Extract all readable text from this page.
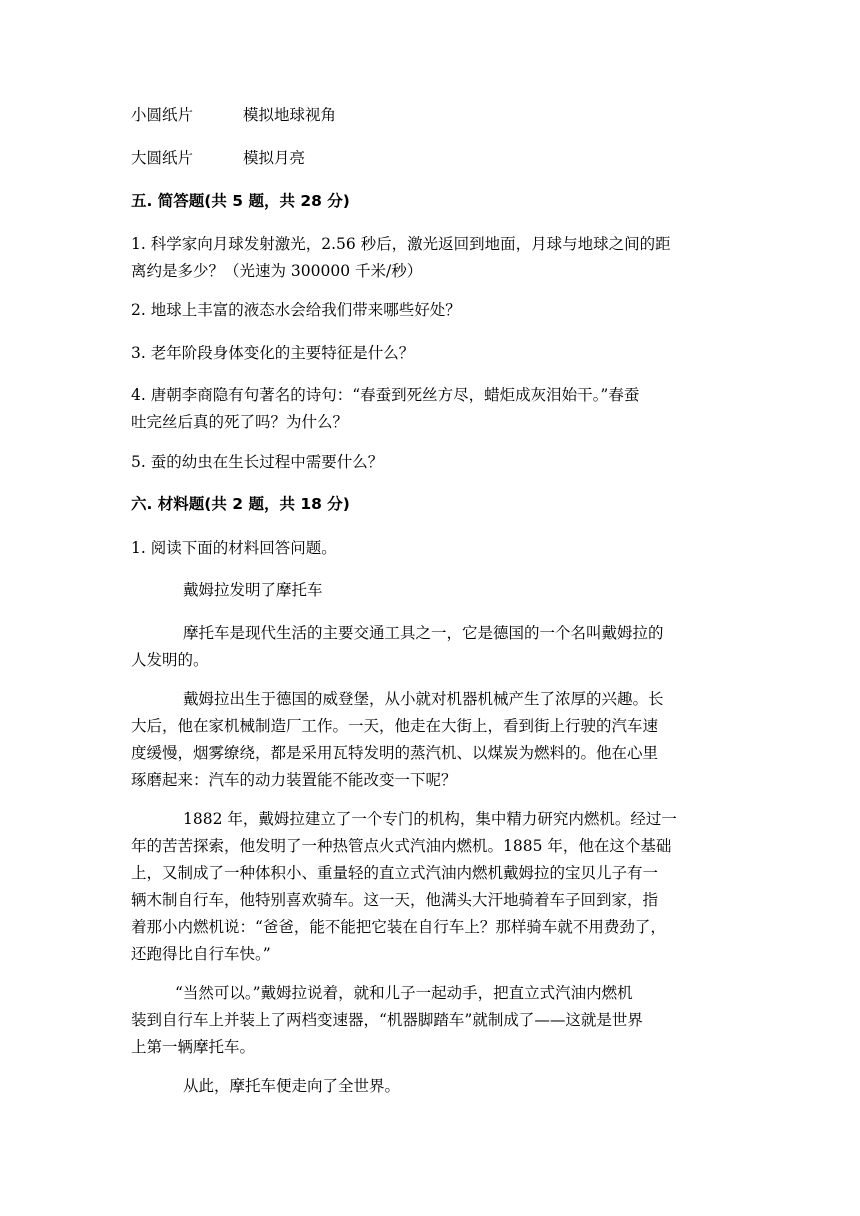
小圆纸片	模拟地球视角
大圆纸片	模拟月亮
五. 简答题(共 5 题，共 28 分)
1. 科学家向月球发射激光，2.56 秒后，激光返回到地面，月球与地球之间的距
离约是多少？（光速为 300000 千米/秒）
2. 地球上丰富的液态水会给我们带来哪些好处？
3. 老年阶段身体变化的主要特征是什么？
4. 唐朝李商隐有句著名的诗句：“春蚕到死丝方尽，蜡炬成灰泪始干。”春蚕
吐完丝后真的死了吗？为什么？
5. 蚕的幼虫在生长过程中需要什么？
六. 材料题(共 2 题，共 18 分)
1. 阅读下面的材料回答问题。
戴姆拉发明了摩托车
摩托车是现代生活的主要交通工具之一，它是德国的一个名叫戴姆拉的
人发明的。
戴姆拉出生于德国的威登堡，从小就对机器机械产生了浓厚的兴趣。长
大后，他在家机械制造厂工作。一天，他走在大街上，看到街上行驶的汽车速
度缓慢，烟雾缭绕，都是采用瓦特发明的蒸汽机、以煤炭为燃料的。他在心里
琢磨起来：汽车的动力装置能不能改变一下呢？
1882 年，戴姆拉建立了一个专门的机构，集中精力研究内燃机。经过一
年的苦苦探索，他发明了一种热管点火式汽油内燃机。1885 年，他在这个基础
上，又制成了一种体积小、重量轻的直立式汽油内燃机戴姆拉的宝贝儿子有一
辆木制自行车，他特别喜欢骑车。这一天，他满头大汗地骑着车子回到家，指
着那小内燃机说：“爸爸，能不能把它装在自行车上？那样骑车就不用费劲了，
还跑得比自行车快。”
“当然可以。”戴姆拉说着，就和儿子一起动手，把直立式汽油内燃机
装到自行车上并装上了两档变速器，“机器脚踏车”就制成了——这就是世界
上第一辆摩托车。
从此，摩托车便走向了全世界。
